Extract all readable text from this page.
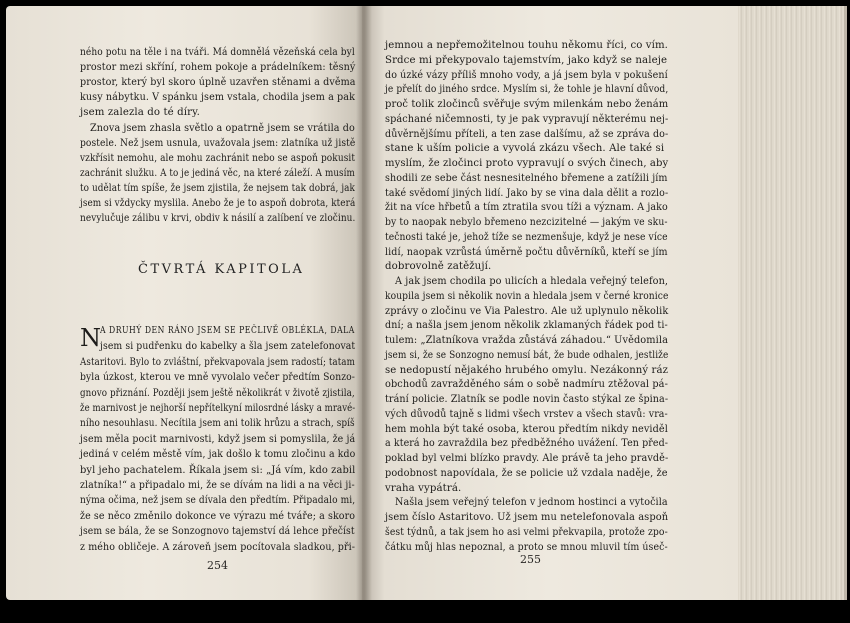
ného potu na těle i na tváři. Má domnělá vězeňská cela byl
prostor mezi skříní, rohem pokoje a prádelníkem: těsný
prostor, který byl skoro úplně uzavřen stěnami a dvěma
kusy nábytku. V spánku jsem vstala, chodila jsem a pak
jsem zalezla do té díry.
Znova jsem zhasla světlo a opatrně jsem se vrátila do
postele. Než jsem usnula, uvažovala jsem: zlatníka už jistě
vzkřísit nemohu, ale mohu zachránit nebo se aspoň pokusit
zachránit služku. A to je jediná věc, na které záleží. A musím
to udělat tím spíše, že jsem zjistila, že nejsem tak dobrá, jak
jsem si vždycky myslila. Anebo že je to aspoň dobrota, která
nevylučuje zálibu v krvi, obdiv k násilí a zalíbení ve zločinu.
ČTVRTÁ KAPITOLA
N A DRUHÝ DEN RÁNO JSEM SE PEČLIVĚ OBLÉKLA, DALA
jsem si pudřenku do kabelky a šla jsem zatelefonovat
Astaritovi. Bylo to zvláštní, překvapovala jsem radostí; tatam
byla úzkost, kterou ve mně vyvolalo večer předtím Sonzo-
gnovo přiznání. Později jsem ještě několikrát v životě zjistila,
že marnivost je nejhorší nepřítelkyní milosrdné lásky a mravé-
ního nesouhlasu. Necítila jsem ani tolik hrůzu a strach, spíš
jsem měla pocit marnivosti, když jsem si pomyslila, že já
jediná v celém městě vím, jak došlo k tomu zločinu a kdo
byl jeho pachatelem. Říkala jsem si: „Já vím, kdo zabil
zlatníka!“ a připadalo mi, že se dívám na lidi a na věci ji-
nýma očima, než jsem se dívala den předtím. Připadalo mi,
že se něco změnilo dokonce ve výrazu mé tváře; a skoro
jsem se bála, že se Sonzognovo tajemství dá lehce přečíst
z mého obličeje. A zároveň jsem pocítovala sladkou, při-
254
jemnou a nepřemožitelnou touhu někomu říci, co vím.
Srdce mi překypovalo tajemstvím, jako když se naleje
do úzké vázy příliš mnoho vody, a já jsem byla v pokušení
je přelít do jiného srdce. Myslím si, že tohle je hlavní důvod,
proč tolik zločinců svěřuje svým milenkám nebo ženám
spáchané ničemnosti, ty je pak vypravují některému nej-
důvěrnějšímu příteli, a ten zase dalšímu, až se zpráva do-
stane k uším policie a vyvolá zkázu všech. Ale také si
myslím, že zločinci proto vypravují o svých činech, aby
shodili ze sebe část nesnesitelného břemene a zatížili jím
také svědomí jiných lidí. Jako by se vina dala dělit a rozlo-
žit na více hřbetů a tím ztratila svou tíži a význam. A jako
by to naopak nebylo břemeno nezcizitelné — jakým ve sku-
tečnosti také je, jehož tíže se nezmenšuje, když je nese více
lidí, naopak vzrůstá úměrně počtu důvěrníků, kteří se jím
dobrovolně zatěžují.
A jak jsem chodila po ulicích a hledala veřejný telefon,
koupila jsem si několik novin a hledala jsem v černé kronice
zprávy o zločinu ve Via Palestro. Ale už uplynulo několik
dní; a našla jsem jenom několik zklamaných řádek pod ti-
tulem: „Zlatníkova vražda zůstává záhadou.“ Uvědomila
jsem si, že se Sonzogno nemusí bát, že bude odhalen, jestliže
se nedopustí nějakého hrubého omylu. Nezákonný ráz
obchodů zavražděného sám o sobě nadmíru ztěžoval pá-
trání policie. Zlatník se podle novin často stýkal ze špina-
vých důvodů tajně s lidmi všech vrstev a všech stavů: vra-
hem mohla být také osoba, kterou předtím nikdy neviděl
a která ho zavraždila bez předběžného uvážení. Ten před-
poklad byl velmi blízko pravdy. Ale právě ta jeho pravdě-
podobnost napovídala, že se policie už vzdala naděje, že
vraha vypátrá.
Našla jsem veřejný telefon v jednom hostinci a vytočila
jsem číslo Astaritovo. Už jsem mu netelefonovala aspoň
šest týdnů, a tak jsem ho asi velmi překvapila, protože zpo-
čátku můj hlas nepoznal, a proto se mnou mluvil tím úseč-
255
